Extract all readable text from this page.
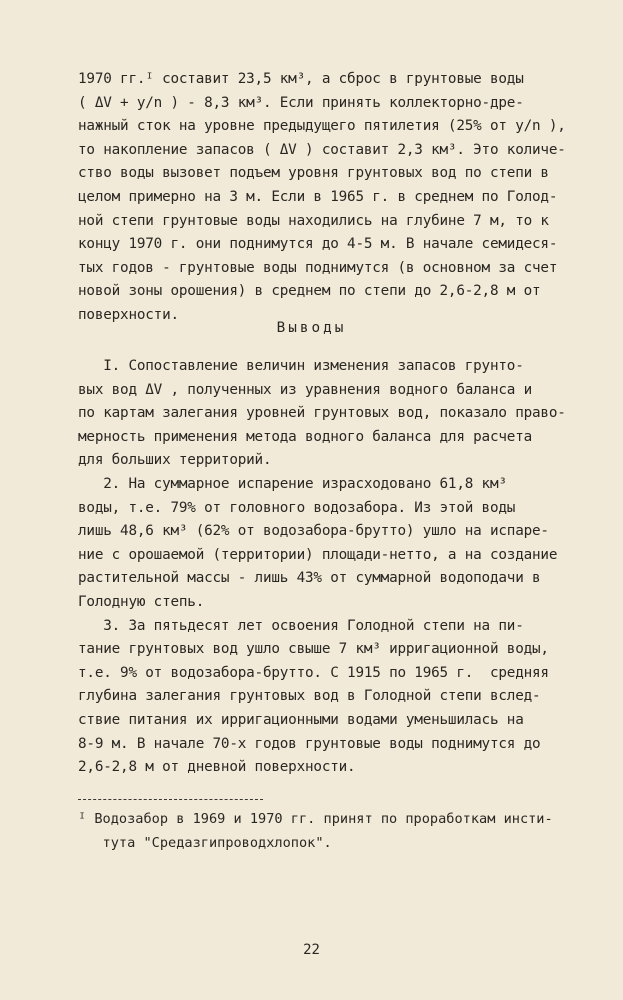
1970 гг.ᴵ составит 23,5 км³, а сброс в грунтовые воды
( ΔV + y/n ) - 8,3 км³. Если принять коллекторно-дре-
нажный сток на уровне предыдущего пятилетия (25% от y/n ),
то накопление запасов ( ΔV ) составит 2,3 км³. Это количе-
ство воды вызовет подъем уровня грунтовых вод по степи в
целом примерно на 3 м. Если в 1965 г. в среднем по Голод-
ной степи грунтовые воды находились на глубине 7 м, то к
концу 1970 г. они поднимутся до 4-5 м. В начале семидеся-
тых годов - грунтовые воды поднимутся (в основном за счет
новой зоны орошения) в среднем по степи до 2,6-2,8 м от
поверхности.
Выводы
I. Сопоставление величин изменения запасов грунто-
вых вод ΔV , полученных из уравнения водного баланса и
по картам залегания уровней грунтовых вод, показало право-
мерность применения метода водного баланса для расчета
для больших территорий.
2. На суммарное испарение израсходовано 61,8 км³
воды, т.е. 79% от головного водозабора. Из этой воды
лишь 48,6 км³ (62% от водозабора-брутто) ушло на испаре-
ние с орошаемой (территории) площади-нетто, а на создание
растительной массы - лишь 43% от суммарной водоподачи в
Голодную степь.
3. За пятьдесят лет освоения Голодной степи на пи-
тание грунтовых вод ушло свыше 7 км³ ирригационной воды,
т.е. 9% от водозабора-брутто. С 1915 по 1965 г.  средняя
глубина залегания грунтовых вод в Голодной степи вслед-
ствие питания их ирригационными водами уменьшилась на
8-9 м. В начале 70-х годов грунтовые воды поднимутся до
2,6-2,8 м от дневной поверхности.
ᴵ Водозабор в 1969 и 1970 гг. принят по проработкам инсти-
тута "Средазгипроводхлопок".
22
